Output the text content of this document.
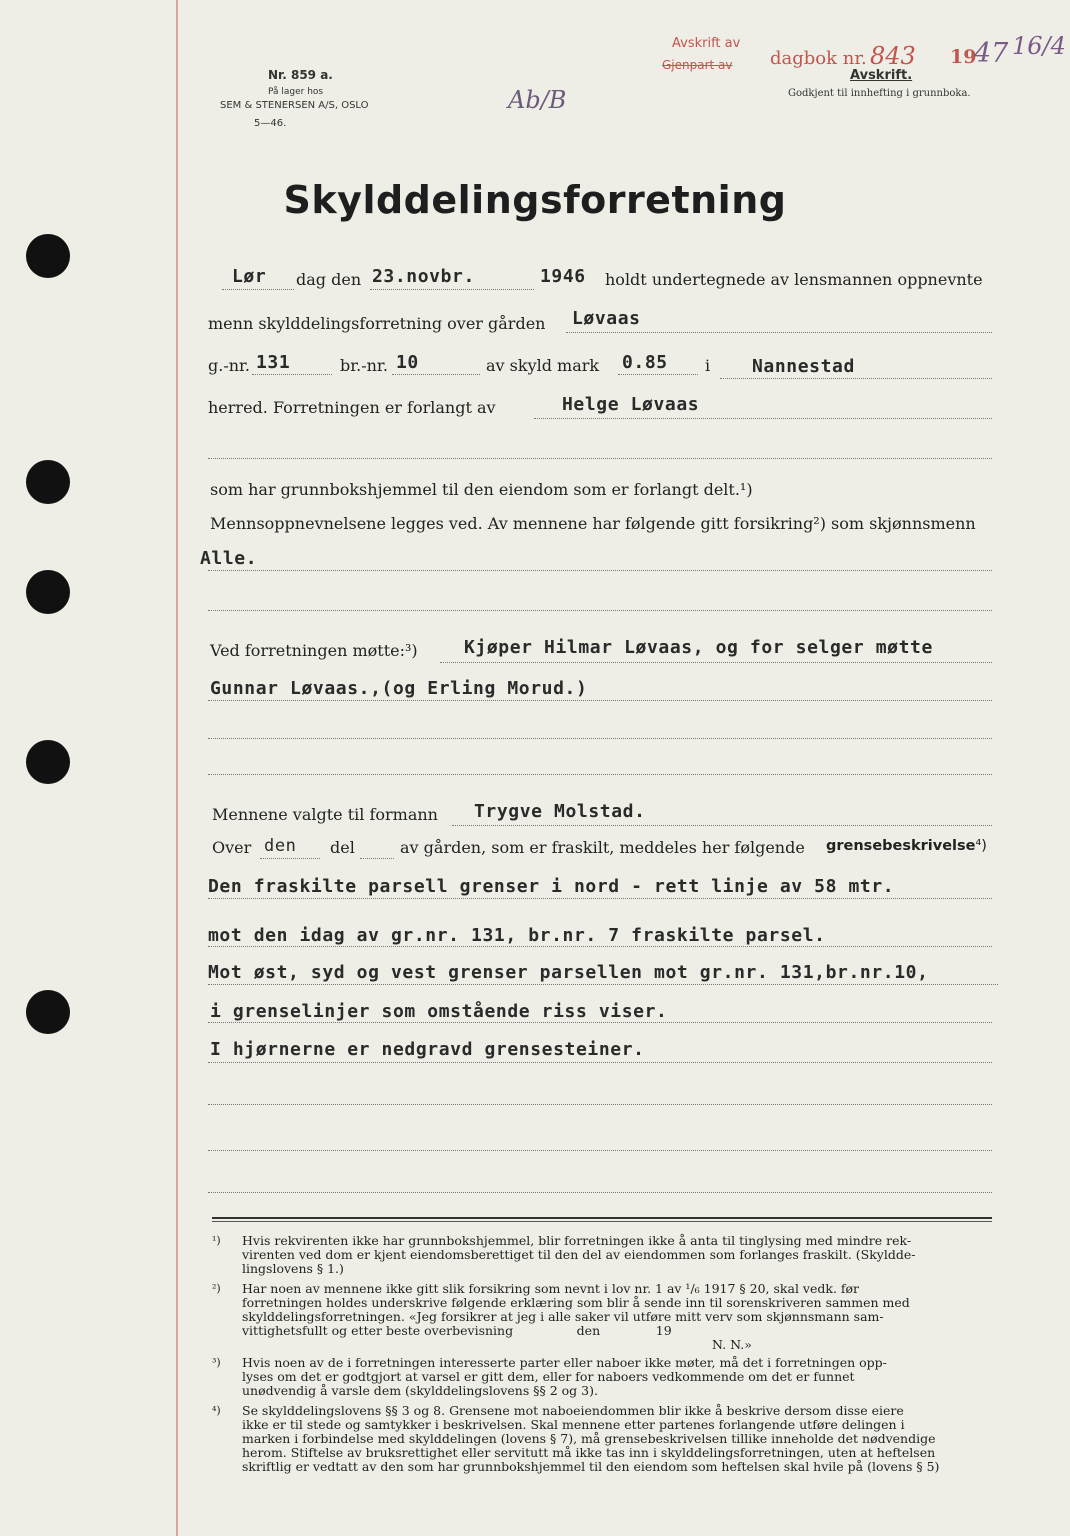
Nr. 859 a.
På lager hos
SEM & STENERSEN A/S, OSLO
5—46.
Ab/B
Avskrift av
Gjenpart av dagbok nr. 843 19
47 16/4
Avskrift.
Godkjent til innhefting i grunnboka.
Skylddelingsforretning
Lør dag den 23.novbr.	1946 holdt undertegnede av lensmannen oppnevnte
menn skylddelingsforretning over gården Løvaas
g.-nr. 131	br.-nr. 10	av skyld mark 0.85 i Nannestad
herred. Forretningen er forlangt av	Helge Løvaas
som har grunnbokshjemmel til den eiendom som er forlangt delt.¹)
Mennsoppnevnelsene legges ved. Av mennene har følgende gitt forsikring²) som skjønnsmenn
Alle.
Ved forretningen møtte:³)	Kjøper Hilmar Løvaas, og for selger møtte
Gunnar Løvaas.,(og Erling Morud.)
Mennene valgte til formann Trygve Molstad.
Over den del	av gården, som er fraskilt, meddeles her følgende grensebeskrivelse⁴)
Den fraskilte parsell grenser i nord - rett linje av 58 mtr.
mot den idag av gr.nr. 131, br.nr. 7 fraskilte parsel.
Mot øst, syd og vest grenser parsellen mot gr.nr. 131,br.nr.10,
i grenselinjer som omstående riss viser.
I hjørnerne er nedgravd grensesteiner.
¹) Hvis rekvirenten ikke har grunnbokshjemmel, blir forretningen ikke å anta til tinglysing med mindre rek-

virenten ved dom er kjent eiendomsberettiget til den del av eiendommen som forlanges fraskilt. (Skyldde-

lingslovens § 1.)

²) Har noen av mennene ikke gitt slik forsikring som nevnt i lov nr. 1 av ¹/₆ 1917 § 20, skal vedk. før

forretningen holdes underskrive følgende erklæring som blir å sende inn til sorenskriveren sammen med

skylddelingsforretningen. «Jeg forsikrer at jeg i alle saker vil utføre mitt verv som skjønnsmann sam-

vittighetsfullt og etter beste overbevisning                den              19

N. N.»

³) Hvis noen av de i forretningen interesserte parter eller naboer ikke møter, må det i forretningen opp-

lyses om det er godtgjort at varsel er gitt dem, eller for naboers vedkommende om det er funnet

unødvendig å varsle dem (skylddelingslovens §§ 2 og 3).

⁴) Se skylddelingslovens §§ 3 og 8. Grensene mot naboeiendommen blir ikke å beskrive dersom disse eiere

ikke er til stede og samtykker i beskrivelsen. Skal mennene etter partenes forlangende utføre delingen i

marken i forbindelse med skylddelingen (lovens § 7), må grensebeskrivelsen tillike inneholde det nødvendige

herom. Stiftelse av bruksrettighet eller servitutt må ikke tas inn i skylddelingsforretningen, uten at heftelsen

skriftlig er vedtatt av den som har grunnbokshjemmel til den eiendom som heftelsen skal hvile på (lovens § 5)
